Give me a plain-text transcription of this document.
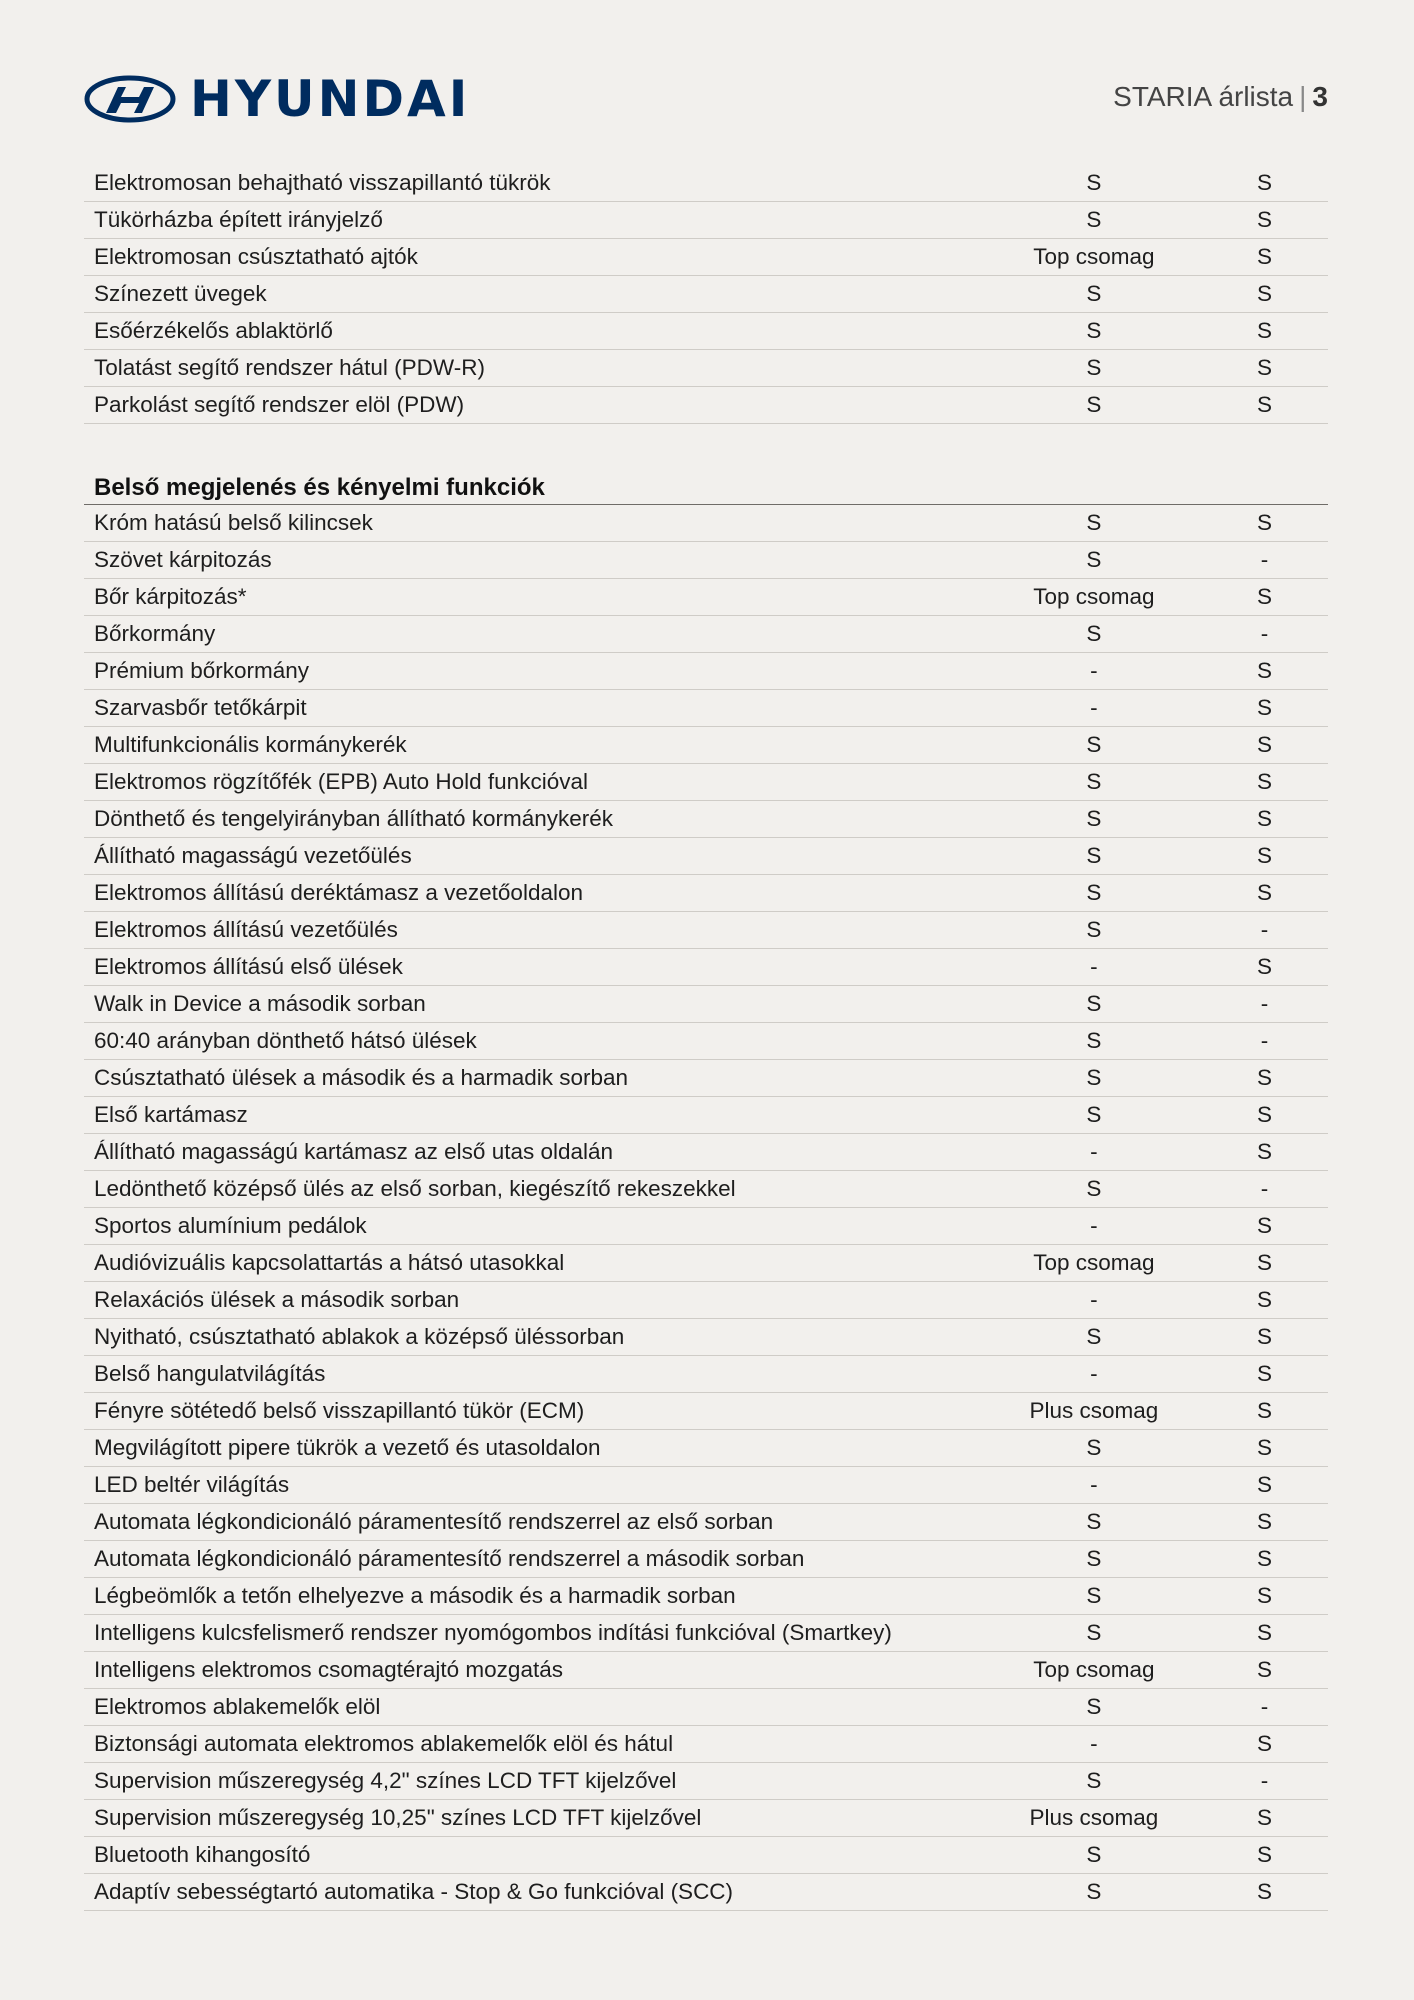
HYUNDAI	STARIA árlista | 3
Elektromosan behajtható visszapillantó tükrök	S	S
Tükörházba épített irányjelző	S	S
Elektromosan csúsztatható ajtók	Top csomag	S
Színezett üvegek	S	S
Esőérzékelős ablaktörlő	S	S
Tolatást segítő rendszer hátul (PDW-R)	S	S
Parkolást segítő rendszer elöl (PDW)	S	S
Belső megjelenés és kényelmi funkciók
Króm hatású belső kilincsek	S	S
Szövet kárpitozás	S	-
Bőr kárpitozás*	Top csomag	S
Bőrkormány	S	-
Prémium bőrkormány	-	S
Szarvasbőr tetőkárpit	-	S
Multifunkcionális kormánykerék	S	S
Elektromos rögzítőfék (EPB) Auto Hold funkcióval	S	S
Dönthető és tengelyirányban állítható kormánykerék	S	S
Állítható magasságú vezetőülés	S	S
Elektromos állítású deréktámasz a vezetőoldalon	S	S
Elektromos állítású vezetőülés	S	-
Elektromos állítású első ülések	-	S
Walk in Device a második sorban	S	-
60:40 arányban dönthető hátsó ülések	S	-
Csúsztatható ülések a második és a harmadik sorban	S	S
Első kartámasz	S	S
Állítható magasságú kartámasz az első utas oldalán	-	S
Ledönthető középső ülés az első sorban, kiegészítő rekeszekkel	S	-
Sportos alumínium pedálok	-	S
Audióvizuális kapcsolattartás a hátsó utasokkal	Top csomag	S
Relaxációs ülések a második sorban	-	S
Nyitható, csúsztatható ablakok a középső üléssorban	S	S
Belső hangulatvilágítás	-	S
Fényre sötétedő belső visszapillantó tükör (ECM)	Plus csomag	S
Megvilágított pipere tükrök a vezető és utasoldalon	S	S
LED beltér világítás	-	S
Automata légkondicionáló páramentesítő rendszerrel az első sorban	S	S
Automata légkondicionáló páramentesítő rendszerrel a második sorban	S	S
Légbeömlők a tetőn elhelyezve a második és a harmadik sorban	S	S
Intelligens kulcsfelismerő rendszer nyomógombos indítási funkcióval (Smartkey)	S	S
Intelligens elektromos csomagtérajtó mozgatás	Top csomag	S
Elektromos ablakemelők elöl	S	-
Biztonsági automata elektromos ablakemelők elöl és hátul	-	S
Supervision műszeregység 4,2" színes LCD TFT kijelzővel	S	-
Supervision műszeregység 10,25" színes LCD TFT kijelzővel	Plus csomag	S
Bluetooth kihangosító	S	S
Adaptív sebességtartó automatika - Stop & Go funkcióval (SCC)	S	S
